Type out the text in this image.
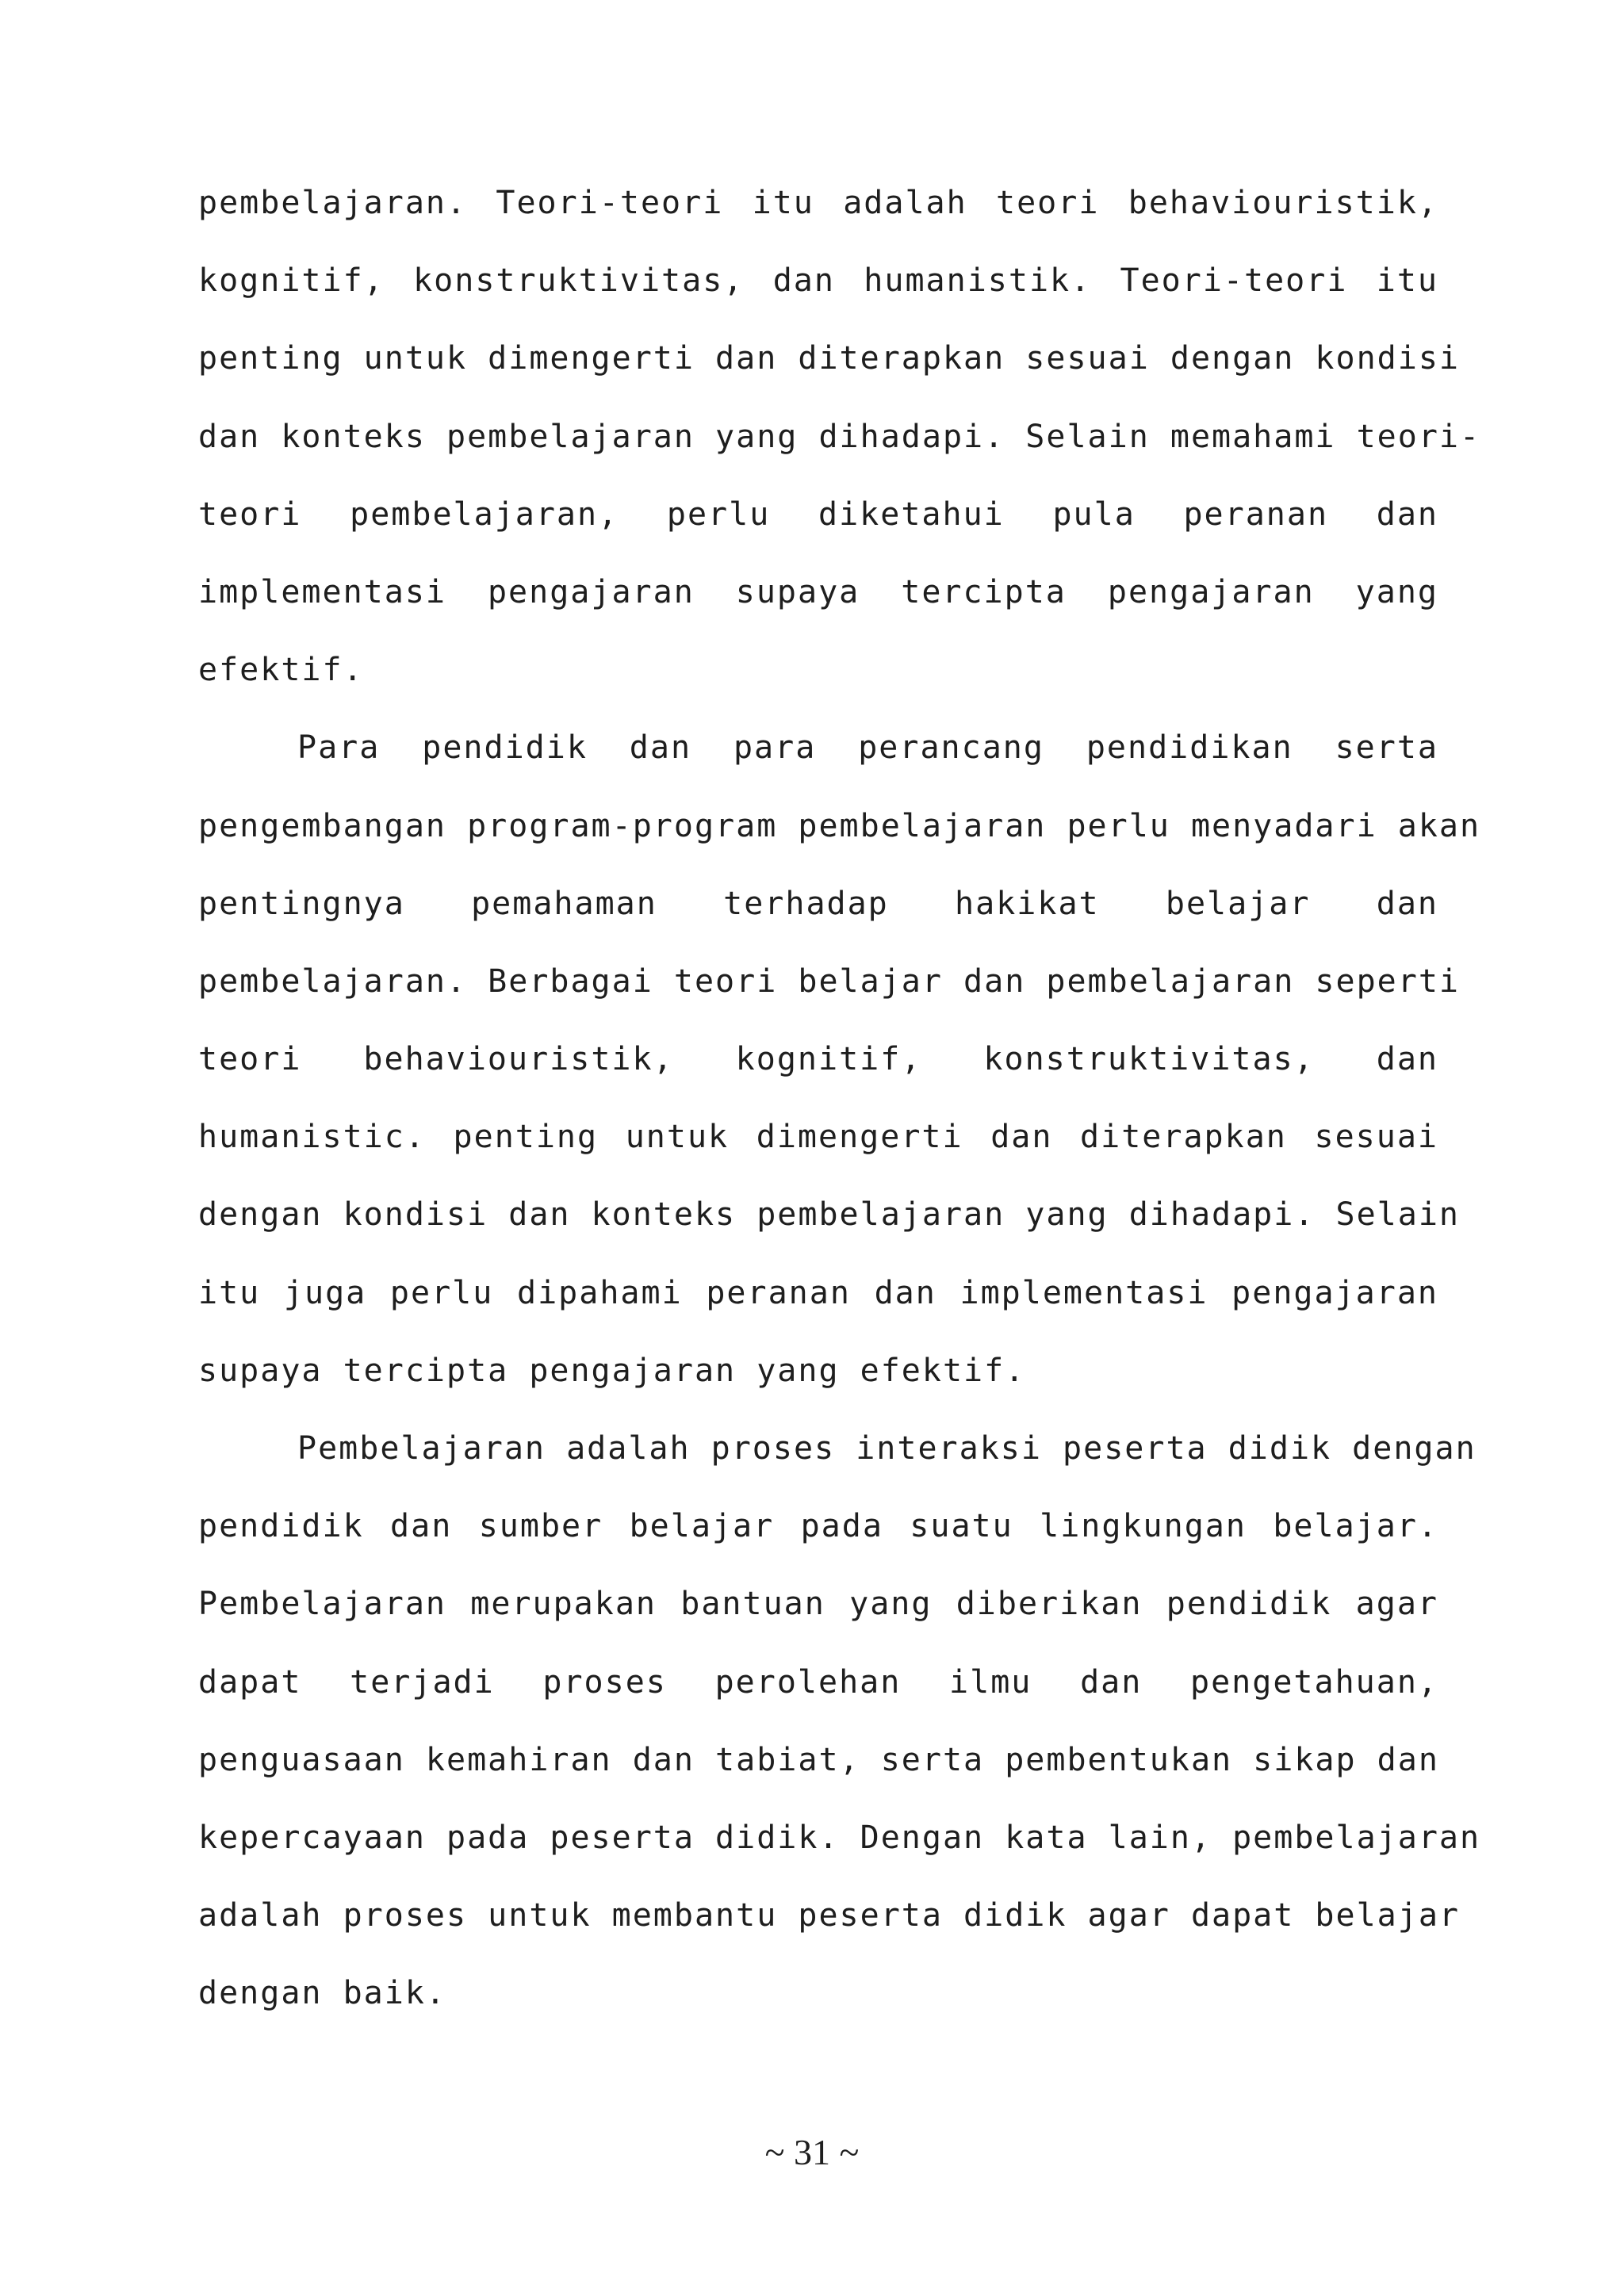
pembelajaran. Teori-teori itu adalah teori behaviouristik,
kognitif, konstruktivitas, dan humanistik. Teori-teori itu
penting untuk dimengerti dan diterapkan sesuai dengan kondisi
dan konteks pembelajaran yang dihadapi. Selain memahami teori-
teori pembelajaran, perlu diketahui pula peranan dan
implementasi pengajaran supaya tercipta pengajaran yang
efektif.
Para pendidik dan para perancang pendidikan serta
pengembangan program-program pembelajaran perlu menyadari akan
pentingnya pemahaman terhadap hakikat belajar dan
pembelajaran. Berbagai teori belajar dan pembelajaran seperti
teori behaviouristik, kognitif, konstruktivitas, dan
humanistic. penting untuk dimengerti dan diterapkan sesuai
dengan kondisi dan konteks pembelajaran yang dihadapi. Selain
itu juga perlu dipahami peranan dan implementasi pengajaran
supaya tercipta pengajaran yang efektif.
Pembelajaran adalah proses interaksi peserta didik dengan
pendidik dan sumber belajar pada suatu lingkungan belajar.
Pembelajaran merupakan bantuan yang diberikan pendidik agar
dapat terjadi proses perolehan ilmu dan pengetahuan,
penguasaan kemahiran dan tabiat, serta pembentukan sikap dan
kepercayaan pada peserta didik. Dengan kata lain, pembelajaran
adalah proses untuk membantu peserta didik agar dapat belajar
dengan baik.
~ 31 ~
